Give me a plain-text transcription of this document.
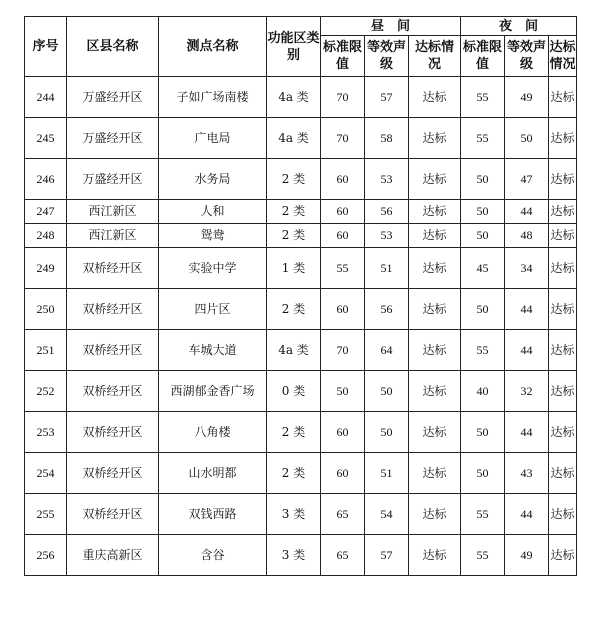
序号	区县名称	测点名称	功能区类别	昼　间			夜　间		
				标准限值	等效声级	达标情况	标准限值	等效声级	达标情况
244	万盛经开区	子如广场南楼	4a 类	70	57	达标	55	49	达标
245	万盛经开区	广电局	4a 类	70	58	达标	55	50	达标
246	万盛经开区	水务局	2 类	60	53	达标	50	47	达标
247	西江新区	人和	2 类	60	56	达标	50	44	达标
248	西江新区	鸳鸯	2 类	60	53	达标	50	48	达标
249	双桥经开区	实验中学	1 类	55	51	达标	45	34	达标
250	双桥经开区	四片区	2 类	60	56	达标	50	44	达标
251	双桥经开区	车城大道	4a 类	70	64	达标	55	44	达标
252	双桥经开区	西湖郁金香广场	0 类	50	50	达标	40	32	达标
253	双桥经开区	八角楼	2 类	60	50	达标	50	44	达标
254	双桥经开区	山水明都	2 类	60	51	达标	50	43	达标
255	双桥经开区	双钱西路	3 类	65	54	达标	55	44	达标
256	重庆高新区	含谷	3 类	65	57	达标	55	49	达标
